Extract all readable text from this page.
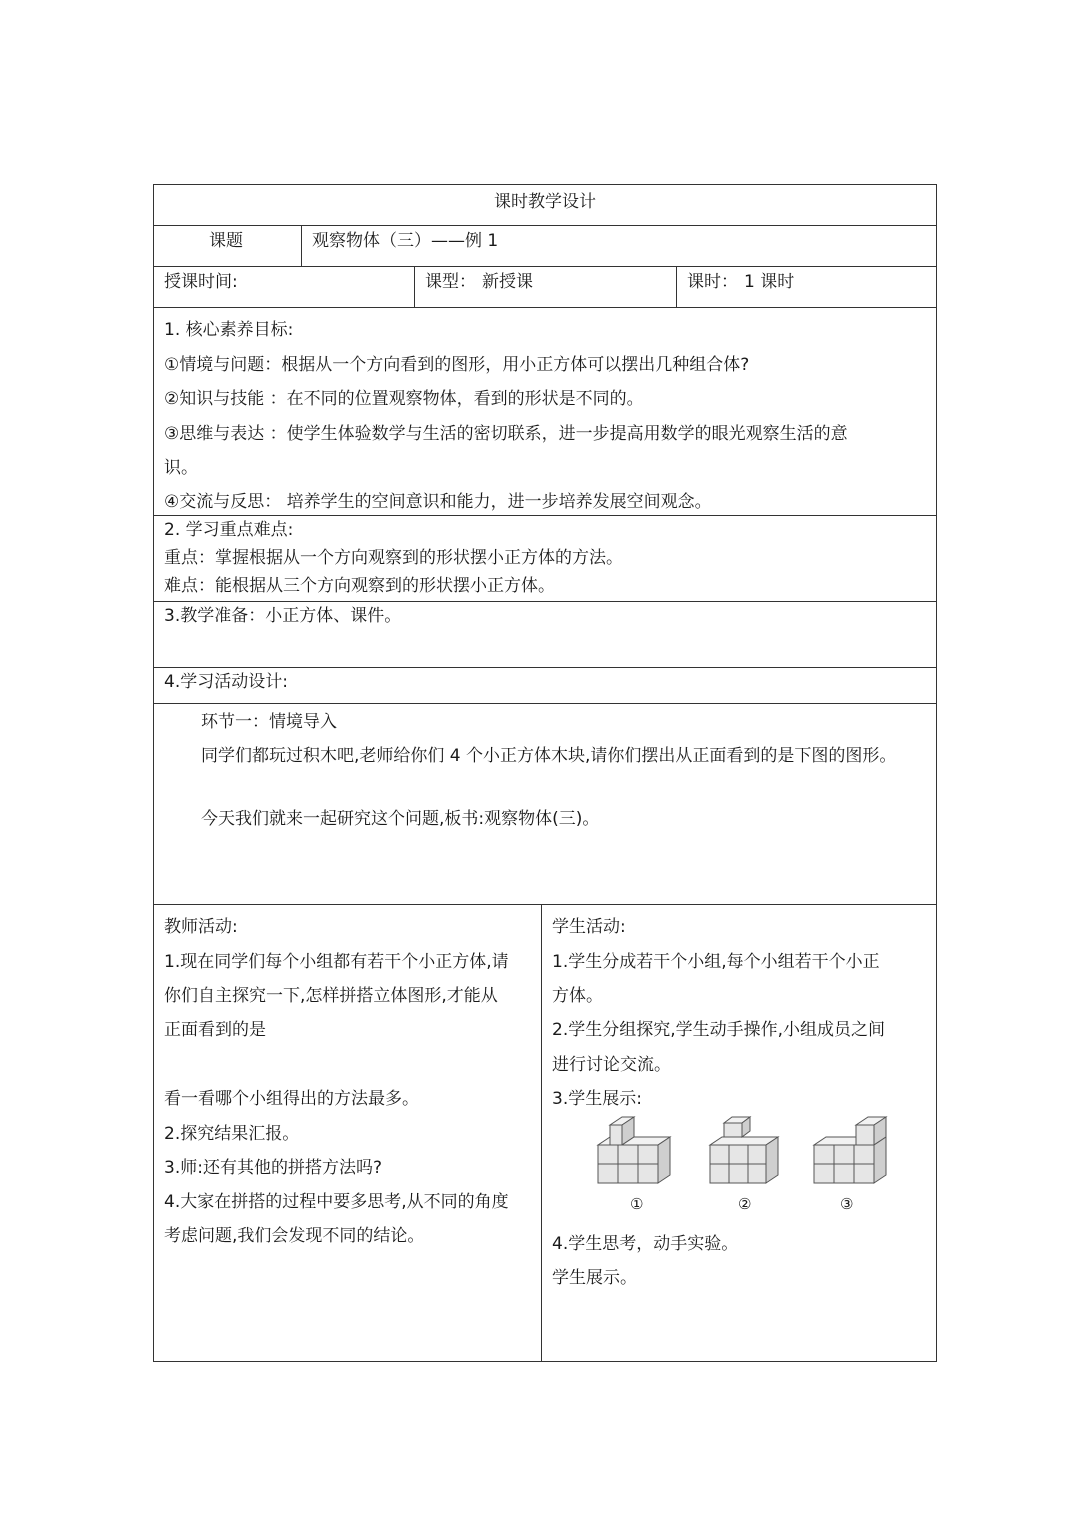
课时教学设计
课题	观察物体（三）——例 1
授课时间:	课型： 新授课	课时： 1 课时
1. 核心素养目标:
①情境与问题：根据从一个方向看到的图形，用小正方体可以摆出几种组合体?
②知识与技能 ：在不同的位置观察物体，看到的形状是不同的。
③思维与表达 ：使学生体验数学与生活的密切联系，进一步提高用数学的眼光观察生活的意
识。
④交流与反思： 培养学生的空间意识和能力，进一步培养发展空间观念。
2. 学习重点难点:
重点：掌握根据从一个方向观察到的形状摆小正方体的方法。
难点：能根据从三个方向观察到的形状摆小正方体。
3.教学准备：小正方体、课件。
4.学习活动设计:
环节一：情境导入
同学们都玩过积木吧,老师给你们 4 个小正方体木块,请你们摆出从正面看到的是下图的图形。
今天我们就来一起研究这个问题,板书:观察物体(三)。
教师活动:
1.现在同学们每个小组都有若干个小正方体,请
你们自主探究一下,怎样拼搭立体图形,才能从
正面看到的是
看一看哪个小组得出的方法最多。
2.探究结果汇报。
3.师:还有其他的拼搭方法吗?
4.大家在拼搭的过程中要多思考,从不同的角度
考虑问题,我们会发现不同的结论。
学生活动:
1.学生分成若干个小组,每个小组若干个小正
方体。
2.学生分组探究,学生动手操作,小组成员之间
进行讨论交流。
3.学生展示:
①	②	③
4.学生思考，动手实验。
学生展示。
